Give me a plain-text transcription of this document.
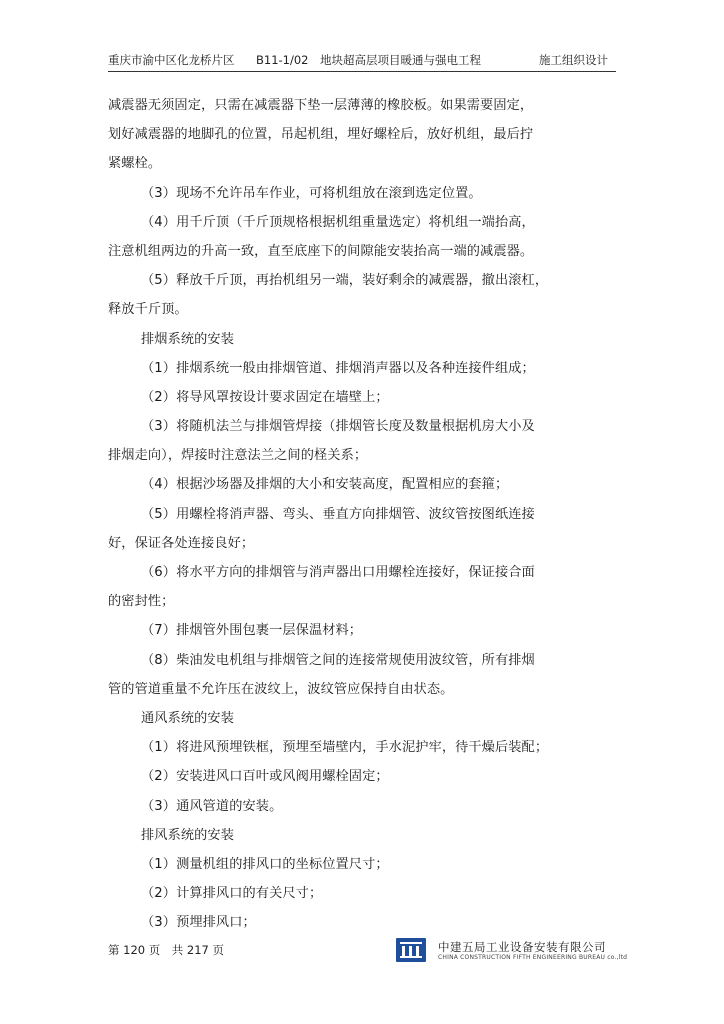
重庆市渝中区化龙桥片区 B11-1/02　地块超高层项目暖通与强电工程	施工组织设计
减震器无须固定，只需在减震器下垫一层薄薄的橡胶板。如果需要固定，
划好减震器的地脚孔的位置，吊起机组，埋好螺栓后，放好机组，最后拧
紧螺栓。
（3）现场不允许吊车作业，可将机组放在滚到选定位置。
（4）用千斤顶（千斤顶规格根据机组重量选定）将机组一端抬高，
注意机组两边的升高一致，直至底座下的间隙能安装抬高一端的减震器。
（5）释放千斤顶，再抬机组另一端，装好剩余的减震器，撤出滚杠，
释放千斤顶。
排烟系统的安装
（1）排烟系统一般由排烟管道、排烟消声器以及各种连接件组成；
（2）将导风罩按设计要求固定在墙壁上；
（3）将随机法兰与排烟管焊接（排烟管长度及数量根据机房大小及
排烟走向），焊接时注意法兰之间的柽关系；
（4）根据沙场器及排烟的大小和安装高度，配置相应的套箍；
（5）用螺栓将消声器、弯头、垂直方向排烟管、波纹管按图纸连接
好，保证各处连接良好；
（6）将水平方向的排烟管与消声器出口用螺栓连接好，保证接合面
的密封性；
（7）排烟管外围包裹一层保温材料；
（8）柴油发电机组与排烟管之间的连接常规使用波纹管，所有排烟
管的管道重量不允许压在波纹上，波纹管应保持自由状态。
通风系统的安装
（1）将进风预埋铁框，预埋至墙壁内，手水泥护牢，待干燥后装配；
（2）安装进风口百叶或风阀用螺栓固定；
（3）通风管道的安装。
排风系统的安装
（1）测量机组的排风口的坐标位置尺寸；
（2）计算排风口的有关尺寸；
（3）预埋排风口；
第 120 页　共 217 页	中建五局工业设备安装有限公司
CHINA CONSTRUCTION FIFTH ENGINEERING BUREAU co.,ltd
